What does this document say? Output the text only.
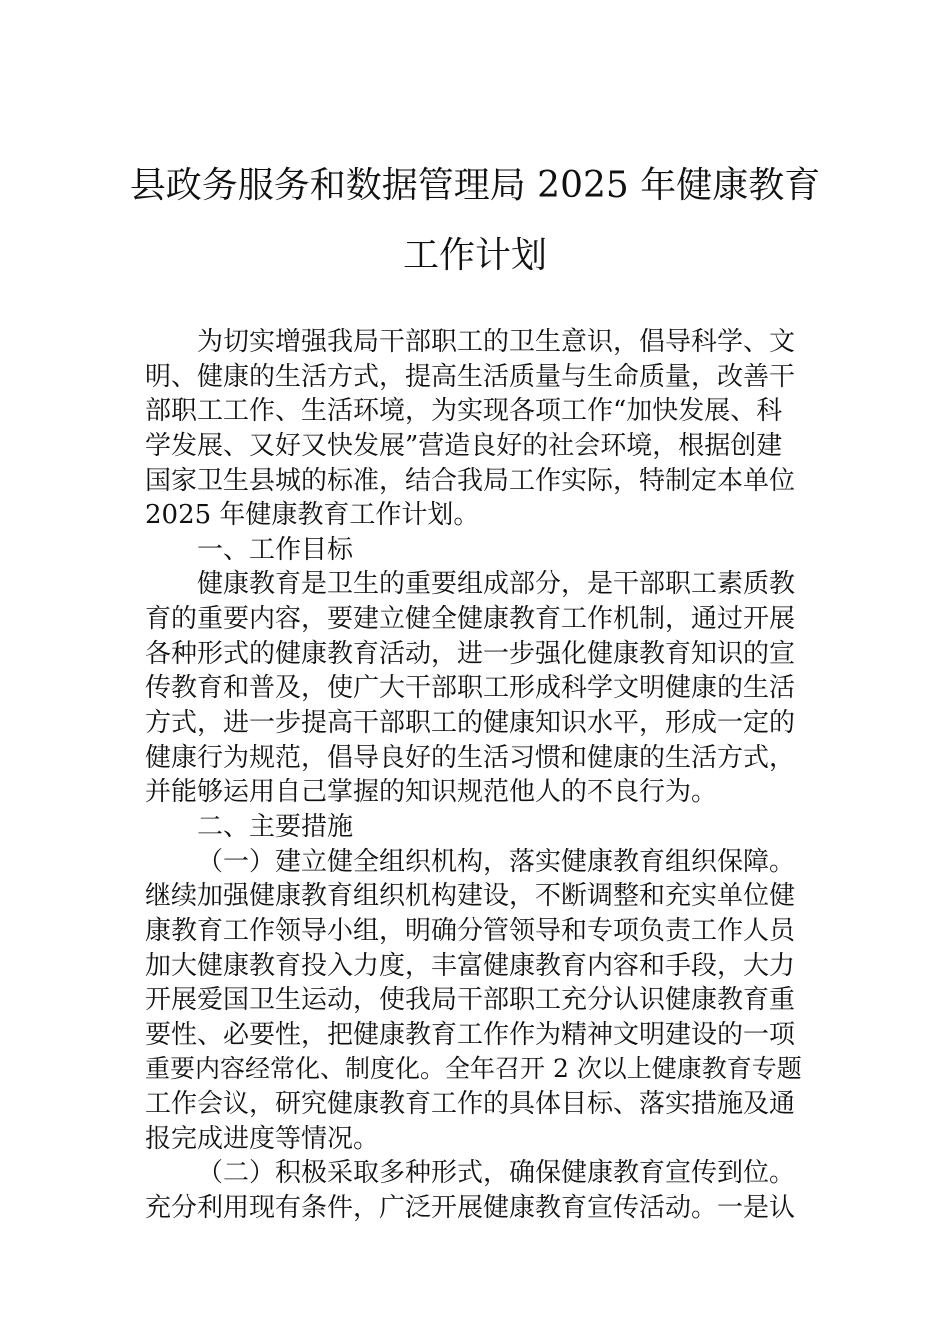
县政务服务和数据管理局 2025 年健康教育
工作计划
为切实增强我局干部职工的卫生意识，倡导科学、文
明、健康的生活方式，提高生活质量与生命质量，改善干
部职工工作、生活环境，为实现各项工作“加快发展、科
学发展、又好又快发展”营造良好的社会环境，根据创建
国家卫生县城的标准，结合我局工作实际，特制定本单位
2025 年健康教育工作计划。
一、工作目标
健康教育是卫生的重要组成部分，是干部职工素质教
育的重要内容，要建立健全健康教育工作机制，通过开展
各种形式的健康教育活动，进一步强化健康教育知识的宣
传教育和普及，使广大干部职工形成科学文明健康的生活
方式，进一步提高干部职工的健康知识水平，形成一定的
健康行为规范，倡导良好的生活习惯和健康的生活方式，
并能够运用自己掌握的知识规范他人的不良行为。
二、主要措施
（一）建立健全组织机构，落实健康教育组织保障。
继续加强健康教育组织机构建设，不断调整和充实单位健
康教育工作领导小组，明确分管领导和专项负责工作人员
加大健康教育投入力度，丰富健康教育内容和手段，大力
开展爱国卫生运动，使我局干部职工充分认识健康教育重
要性、必要性，把健康教育工作作为精神文明建设的一项
重要内容经常化、制度化。全年召开 2 次以上健康教育专题
工作会议，研究健康教育工作的具体目标、落实措施及通
报完成进度等情况。
（二）积极采取多种形式，确保健康教育宣传到位。
充分利用现有条件，广泛开展健康教育宣传活动。一是认
